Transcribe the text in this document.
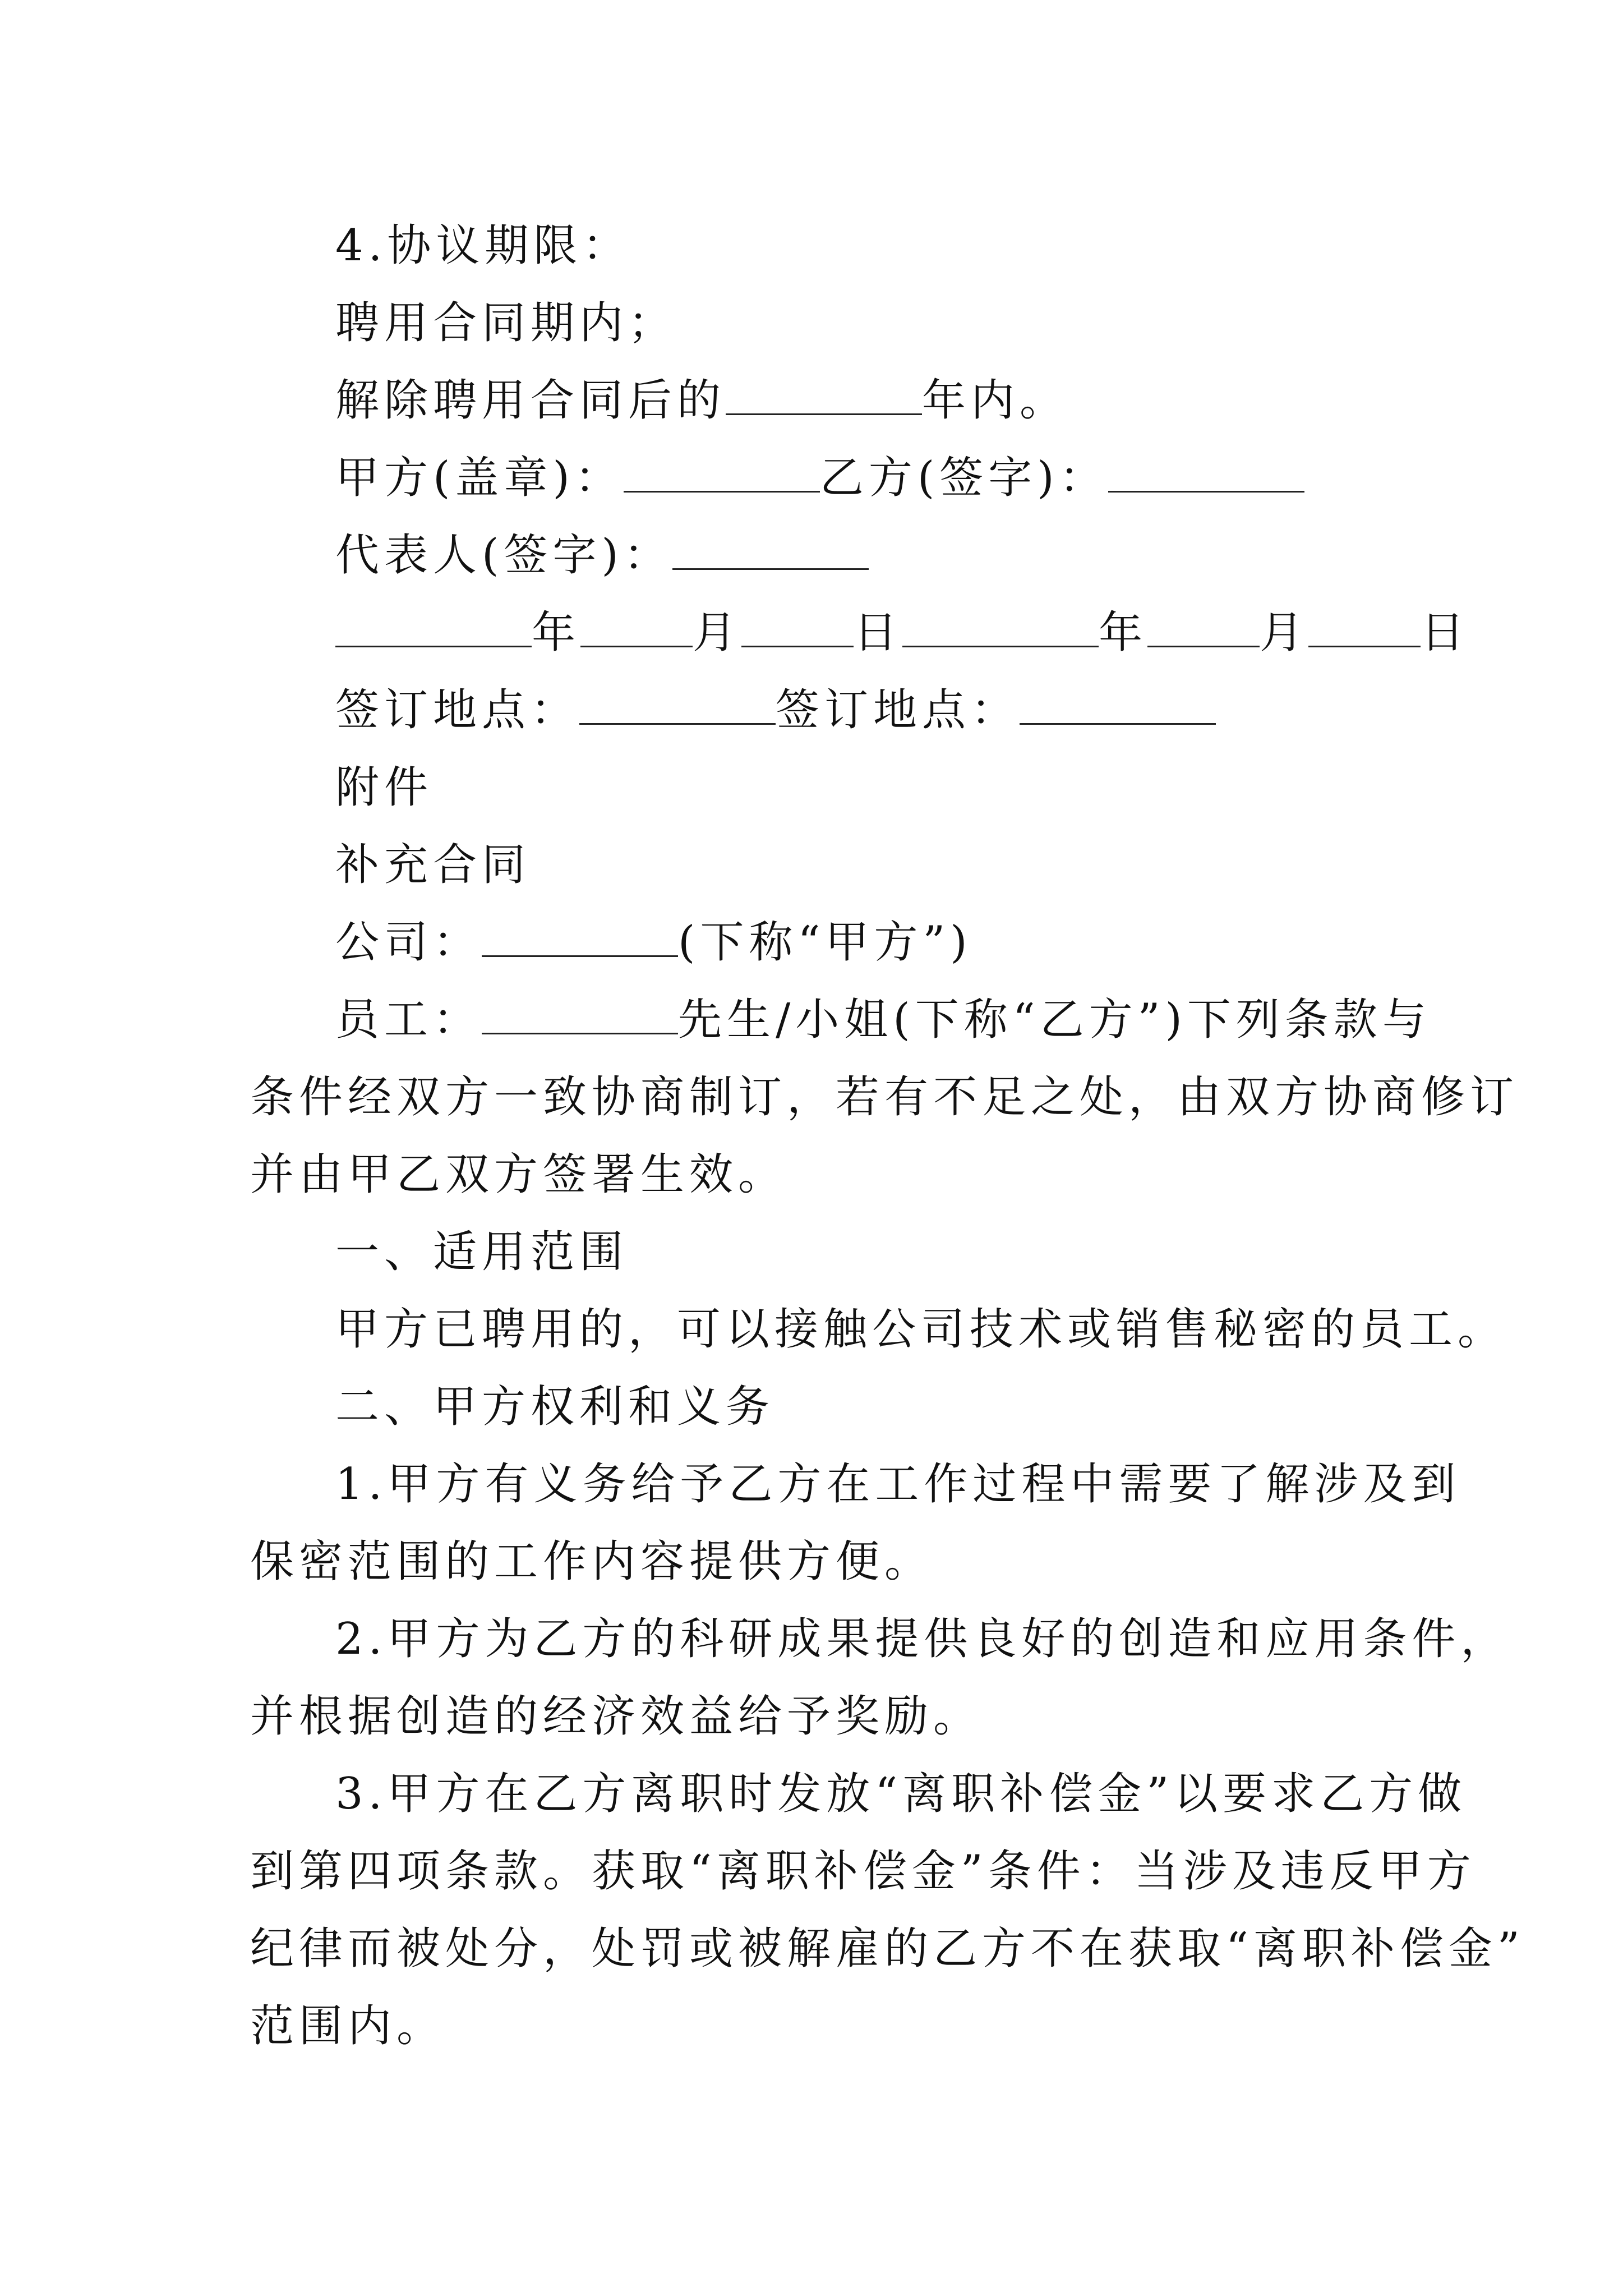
4.协议期限：
聘用合同期内；
解除聘用合同后的	年内。
甲方(盖章)：	乙方(签字)：
代表人(签字)：
年	月	日	年	月	日
签订地点：	签订地点：
附件
补充合同
公司：	(下称“甲方”)
员工：	先生/小姐(下称“乙方”)下列条款与
条件经双方一致协商制订，若有不足之处，由双方协商修订
并由甲乙双方签署生效。
一、适用范围
甲方已聘用的，可以接触公司技术或销售秘密的员工。
二、甲方权利和义务
1.甲方有义务给予乙方在工作过程中需要了解涉及到
保密范围的工作内容提供方便。
2.甲方为乙方的科研成果提供良好的创造和应用条件，
并根据创造的经济效益给予奖励。
3.甲方在乙方离职时发放“离职补偿金”以要求乙方做
到第四项条款。获取“离职补偿金”条件：当涉及违反甲方
纪律而被处分，处罚或被解雇的乙方不在获取“离职补偿金”
范围内。
